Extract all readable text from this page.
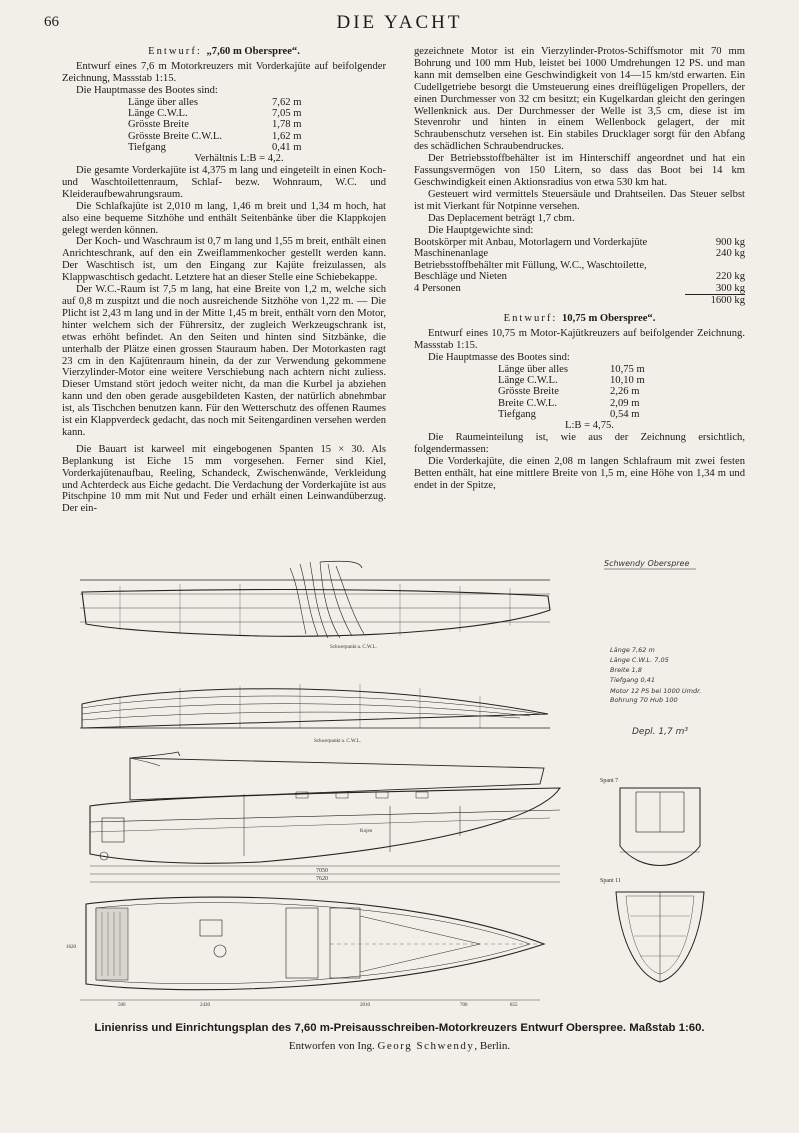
66	DIE YACHT
Entwurf: „7,60 m Oberspree“.

Entwurf eines 7,6 m Motorkreuzers mit Vorderkajüte auf beifolgender Zeichnung, Massstab 1:15.

Die Hauptmasse des Bootes sind:

Länge über alles	7,62 m
Länge C.W.L.	7,05 m
Grösste Breite	1,78 m
Grösste Breite C.W.L.	1,62 m
Tiefgang	0,41 m
Verhältnis L:B = 4,2.

Die gesamte Vorderkajüte ist 4,375 m lang und eingeteilt in einen Koch- und Waschtoilettenraum, Schlaf- bezw. Wohnraum, W.C. und Kleideraufbewahrungsraum.

Die Schlafkajüte ist 2,010 m lang, 1,46 m breit und 1,34 m hoch, hat also eine bequeme Sitzhöhe und enthält Seitenbänke über die Klappkojen gelegt werden können.

Der Koch- und Waschraum ist 0,7 m lang und 1,55 m breit, enthält einen Anrichteschrank, auf den ein Zweiflammenkocher gestellt werden kann. Der Waschtisch ist, um den Eingang zur Kajüte freizulassen, als Klappwaschtisch gedacht. Letztere hat an dieser Stelle eine Schiebekappe.

Der W.C.-Raum ist 7,5 m lang, hat eine Breite von 1,2 m, welche sich auf 0,8 m zuspitzt und die noch ausreichende Sitzhöhe von 1,22 m. — Die Plicht ist 2,43 m lang und in der Mitte 1,45 m breit, enthält vorn den Motor, hinter welchem sich der Führersitz, der zugleich Werkzeugschrank ist, etwas erhöht befindet. An den Seiten und hinten sind Sitzbänke, die unterhalb der Plätze einen grossen Stauraum haben. Der Motorkasten ragt 23 cm in den Kajütenraum hinein, da der zur Verwendung gekommene Vierzylinder-Motor eine weitere Verschiebung nach achtern nicht zuliess. Dieser Umstand stört jedoch weiter nicht, da man die Kurbel ja abziehen kann und den oben gerade ausgebildeten Kasten, der natürlich abnehmbar ist, als Tischchen benutzen kann. Für den Wetterschutz des offenen Raumes ist ein Klappverdeck gedacht, das noch mit Seitengardinen versehen werden kann.

Die Bauart ist karweel mit eingebogenen Spanten 15 × 30. Als Beplankung ist Eiche 15 mm vorgesehen. Ferner sind Kiel, Vorderkajütenaufbau, Reeling, Schandeck, Zwischenwände, Verkleidung und Achterdeck aus Eiche gedacht. Die Verdachung der Vorderkajüte ist aus Pitschpine 10 mm mit Nut und Feder und erhält einen Leinwandüberzug. Der ein-

gezeichnete Motor ist ein Vierzylinder-Protos-Schiffsmotor mit 70 mm Bohrung und 100 mm Hub, leistet bei 1000 Umdrehungen 12 PS. und man kann mit demselben eine Geschwindigkeit von 14—15 km/std erwarten. Ein Cudellgetriebe besorgt die Umsteuerung eines dreiflügeligen Propellers, der einen Durchmesser von 32 cm besitzt; ein Kugelkardan gleicht den geringen Wellenknick aus. Der Durchmesser der Welle ist 3,5 cm, diese ist im Stevenrohr und hinten in einem Wellenbock gelagert, der mit Schraubenschutz versehen ist. Ein stabiles Drucklager sorgt für den Abfang des schädlichen Schraubendruckes.

Der Betriebsstoffbehälter ist im Hinterschiff angeordnet und hat ein Fassungsvermögen von 150 Litern, so dass das Boot bei 14 km Geschwindigkeit einen Aktionsradius von etwa 530 km hat.

Gesteuert wird vermittels Steuersäule und Drahtseilen. Das Steuer selbst ist mit Vierkant für Notpinne versehen.

Das Deplacement beträgt 1,7 cbm.

Die Hauptgewichte sind:

Bootskörper mit Anbau, Motorlagern und Vorderkajüte	900 kg
Maschinenanlage	240 kg
Betriebsstoffbehälter mit Füllung, W.C., Waschtoilette, Beschläge und Nieten	220 kg
4 Personen	300 kg
	1600 kg
Entwurf: 10,75 m Oberspree“.

Entwurf eines 10,75 m Motor-Kajütkreuzers auf beifolgender Zeichnung. Massstab 1:15.

Die Hauptmasse des Bootes sind:

Länge über alles	10,75 m
Länge C.W.L.	10,10 m
Grösste Breite	2,26 m
Breite C.W.L.	2,09 m
Tiefgang	0,54 m
L:B = 4,75.

Die Raumeinteilung ist, wie aus der Zeichnung ersichtlich, folgendermassen:

Die Vorderkajüte, die einen 2,08 m langen Schlafraum mit zwei festen Betten enthält, hat eine mittlere Breite von 1,5 m, eine Höhe von 1,34 m und endet in der Spitze,

Schwendy Oberspree
Schwerpunkt a. C.W.L.
Schwerpunkt a. C.W.L.
Länge 7,62 m
Länge C.W.L. 7,05
Breite 1,8
Tiefgang 0,41
Motor 12 PS bei 1000 Umdr.
Bohrung 70 Hub 100
Depl. 1,7 m³
Kojen
7050
7620
500	2430	2010	700	855
1620
Spant 7
Spant 11
Linienriss und Einrichtungsplan des 7,60 m-Preisausschreiben-Motorkreuzers Entwurf Oberspree. Maßstab 1:60.
Entworfen von Ing. Georg Schwendy, Berlin.
